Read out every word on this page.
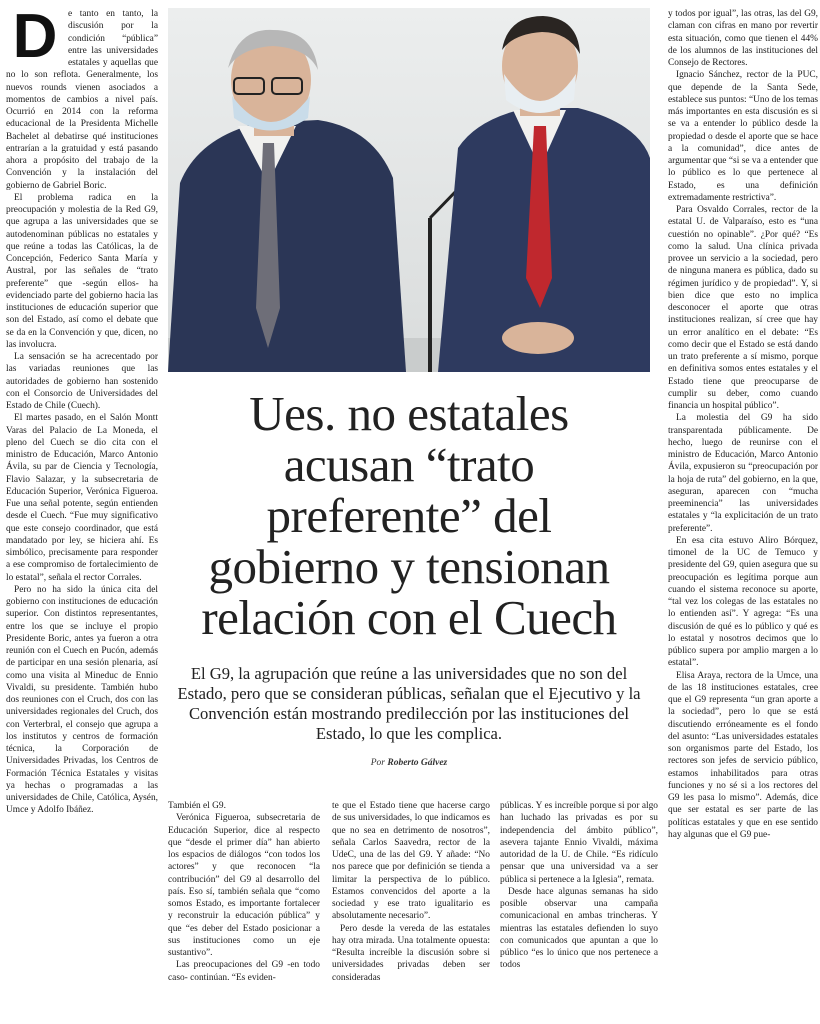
D	e tanto en tanto, la discusión por la condición “pública” entre las universidades estatales y aquellas que no lo son reflota. Generalmente, los nuevos rounds vienen asociados a momentos de cambios a nivel país. Ocurrió en 2014 con la reforma educacional de la Presidenta Michelle Bachelet al debatirse qué instituciones entrarían a la gratuidad y está pasando ahora a propósito del trabajo de la Convención y la instalación del gobierno de Gabriel Boric.

El problema radica en la preocupación y molestia de la Red G9, que agrupa a las universidades que se autodenominan públicas no estatales y que reúne a todas las Católicas, la de Concepción, Federico Santa María y Austral, por las señales de “trato preferente” que -según ellos- ha evidenciado parte del gobierno hacia las instituciones de educación superior que son del Estado, así como el debate que se da en la Convención y que, dicen, no las involucra.

La sensación se ha acrecentado por las variadas reuniones que las autoridades de gobierno han sostenido con el Consorcio de Universidades del Estado de Chile (Cuech).

El martes pasado, en el Salón Montt Varas del Palacio de La Moneda, el pleno del Cuech se dio cita con el ministro de Educación, Marco Antonio Ávila, su par de Ciencia y Tecnología, Flavio Salazar, y la subsecretaria de Educación Superior, Verónica Figueroa. Fue una señal potente, según entienden desde el Cuech. “Fue muy significativo que este consejo coordinador, que está mandatado por ley, se hiciera ahí. Es simbólico, precisamente para responder a ese compromiso de fortalecimiento de lo estatal”, señala el rector Corrales.

Pero no ha sido la única cita del gobierno con instituciones de educación superior. Con distintos representantes, entre los que se incluye el propio Presidente Boric, antes ya fueron a otra reunión con el Cuech en Pucón, además de participar en una sesión plenaria, así como una visita al Mineduc de Ennio Vivaldi, su presidente. También hubo dos reuniones con el Cruch, dos con las universidades regionales del Cruch, dos con Verterbral, el consejo que agrupa a los institutos y centros de formación técnica, la Corporación de Universidades Privadas, los Centros de Formación Técnica Estatales y visitas ya hechas o programadas a las universidades de Chile, Católica, Aysén, Umce y Adolfo Ibáñez.

Ues. no estatales
acusan “trato
preferente” del
gobierno y tensionan
relación con el Cuech
El G9, la agrupación que reúne a las universidades que no son del Estado, pero que se consideran públicas, señalan que el Ejecutivo y la Convención están mostrando predilección por las instituciones del Estado, lo que les complica.
Por Roberto Gálvez

También el G9.

Verónica Figueroa, subsecretaria de Educación Superior, dice al respecto que “desde el primer día” han abierto los espacios de diálogos “con todos los actores” y que reconocen “la contribución” del G9 al desarrollo del país. Eso sí, también señala que “como somos Estado, es importante fortalecer y reconstruir la educación pública” y que “es deber del Estado posicionar a sus instituciones como un eje sustantivo”.

Las preocupaciones del G9 -en todo caso- continúan. “Es eviden-

te que el Estado tiene que hacerse cargo de sus universidades, lo que indicamos es que no sea en detrimento de nosotros”, señala Carlos Saavedra, rector de la UdeC, una de las del G9. Y añade: “No nos parece que por definición se tienda a limitar la perspectiva de lo público. Estamos convencidos del aporte a la sociedad y ese trato igualitario es absolutamente necesario”.

Pero desde la vereda de las estatales hay otra mirada. Una totalmente opuesta: “Resulta increíble la discusión sobre si universidades privadas deben ser consideradas

públicas. Y es increíble porque si por algo han luchado las privadas es por su independencia del ámbito público”, asevera tajante Ennio Vivaldi, máxima autoridad de la U. de Chile. “Es ridículo pensar que una universidad va a ser pública si pertenece a la Iglesia”, remata.

Desde hace algunas semanas ha sido posible observar una campaña comunicacional en ambas trincheras. Y mientras las estatales defienden lo suyo con comunicados que apuntan a que lo público “es lo único que nos pertenece a todos

y todos por igual”, las otras, las del G9, claman con cifras en mano por revertir esta situación, como que tienen el 44% de los alumnos de las instituciones del Consejo de Rectores.

Ignacio Sánchez, rector de la PUC, que depende de la Santa Sede, establece sus puntos: “Uno de los temas más importantes en esta discusión es si se va a entender lo público desde la propiedad o desde el aporte que se hace a la comunidad”, dice antes de argumentar que “si se va a entender que lo público es lo que pertenece al Estado, es una definición extremadamente restrictiva”.

Para Osvaldo Corrales, rector de la estatal U. de Valparaíso, esto es “una cuestión no opinable”. ¿Por qué? “Es como la salud. Una clínica privada provee un servicio a la sociedad, pero de ninguna manera es pública, dado su régimen jurídico y de propiedad”. Y, si bien dice que esto no implica desconocer el aporte que otras instituciones realizan, sí cree que hay un error analítico en el debate: “Es como decir que el Estado se está dando un trato preferente a sí mismo, porque en definitiva somos entes estatales y el Estado tiene que preocuparse de cumplir su deber, como cuando financia un hospital público”.

La molestia del G9 ha sido transparentada públicamente. De hecho, luego de reunirse con el ministro de Educación, Marco Antonio Ávila, expusieron su “preocupación por la hoja de ruta” del gobierno, en la que, aseguran, aparecen con “mucha preeminencia” las universidades estatales y “la explicitación de un trato preferente”.

En esa cita estuvo Aliro Bórquez, timonel de la UC de Temuco y presidente del G9, quien asegura que su preocupación es legítima porque aun cuando el sistema reconoce su aporte, “tal vez los colegas de las estatales no lo entienden así”. Y agrega: “Es una discusión de qué es lo público y qué es lo estatal y nosotros decimos que lo público supera por amplio margen a lo estatal”.

Elisa Araya, rectora de la Umce, una de las 18 instituciones estatales, cree que el G9 representa “un gran aporte a la sociedad”, pero lo que se está discutiendo erróneamente es el fondo del asunto: “Las universidades estatales son organismos parte del Estado, los rectores son jefes de servicio público, estamos inhabilitados para otras funciones y no sé si a los rectores del G9 les pasa lo mismo”. Además, dice que ser estatal es ser parte de las políticas estatales y que en ese sentido hay algunas que el G9 pue-
